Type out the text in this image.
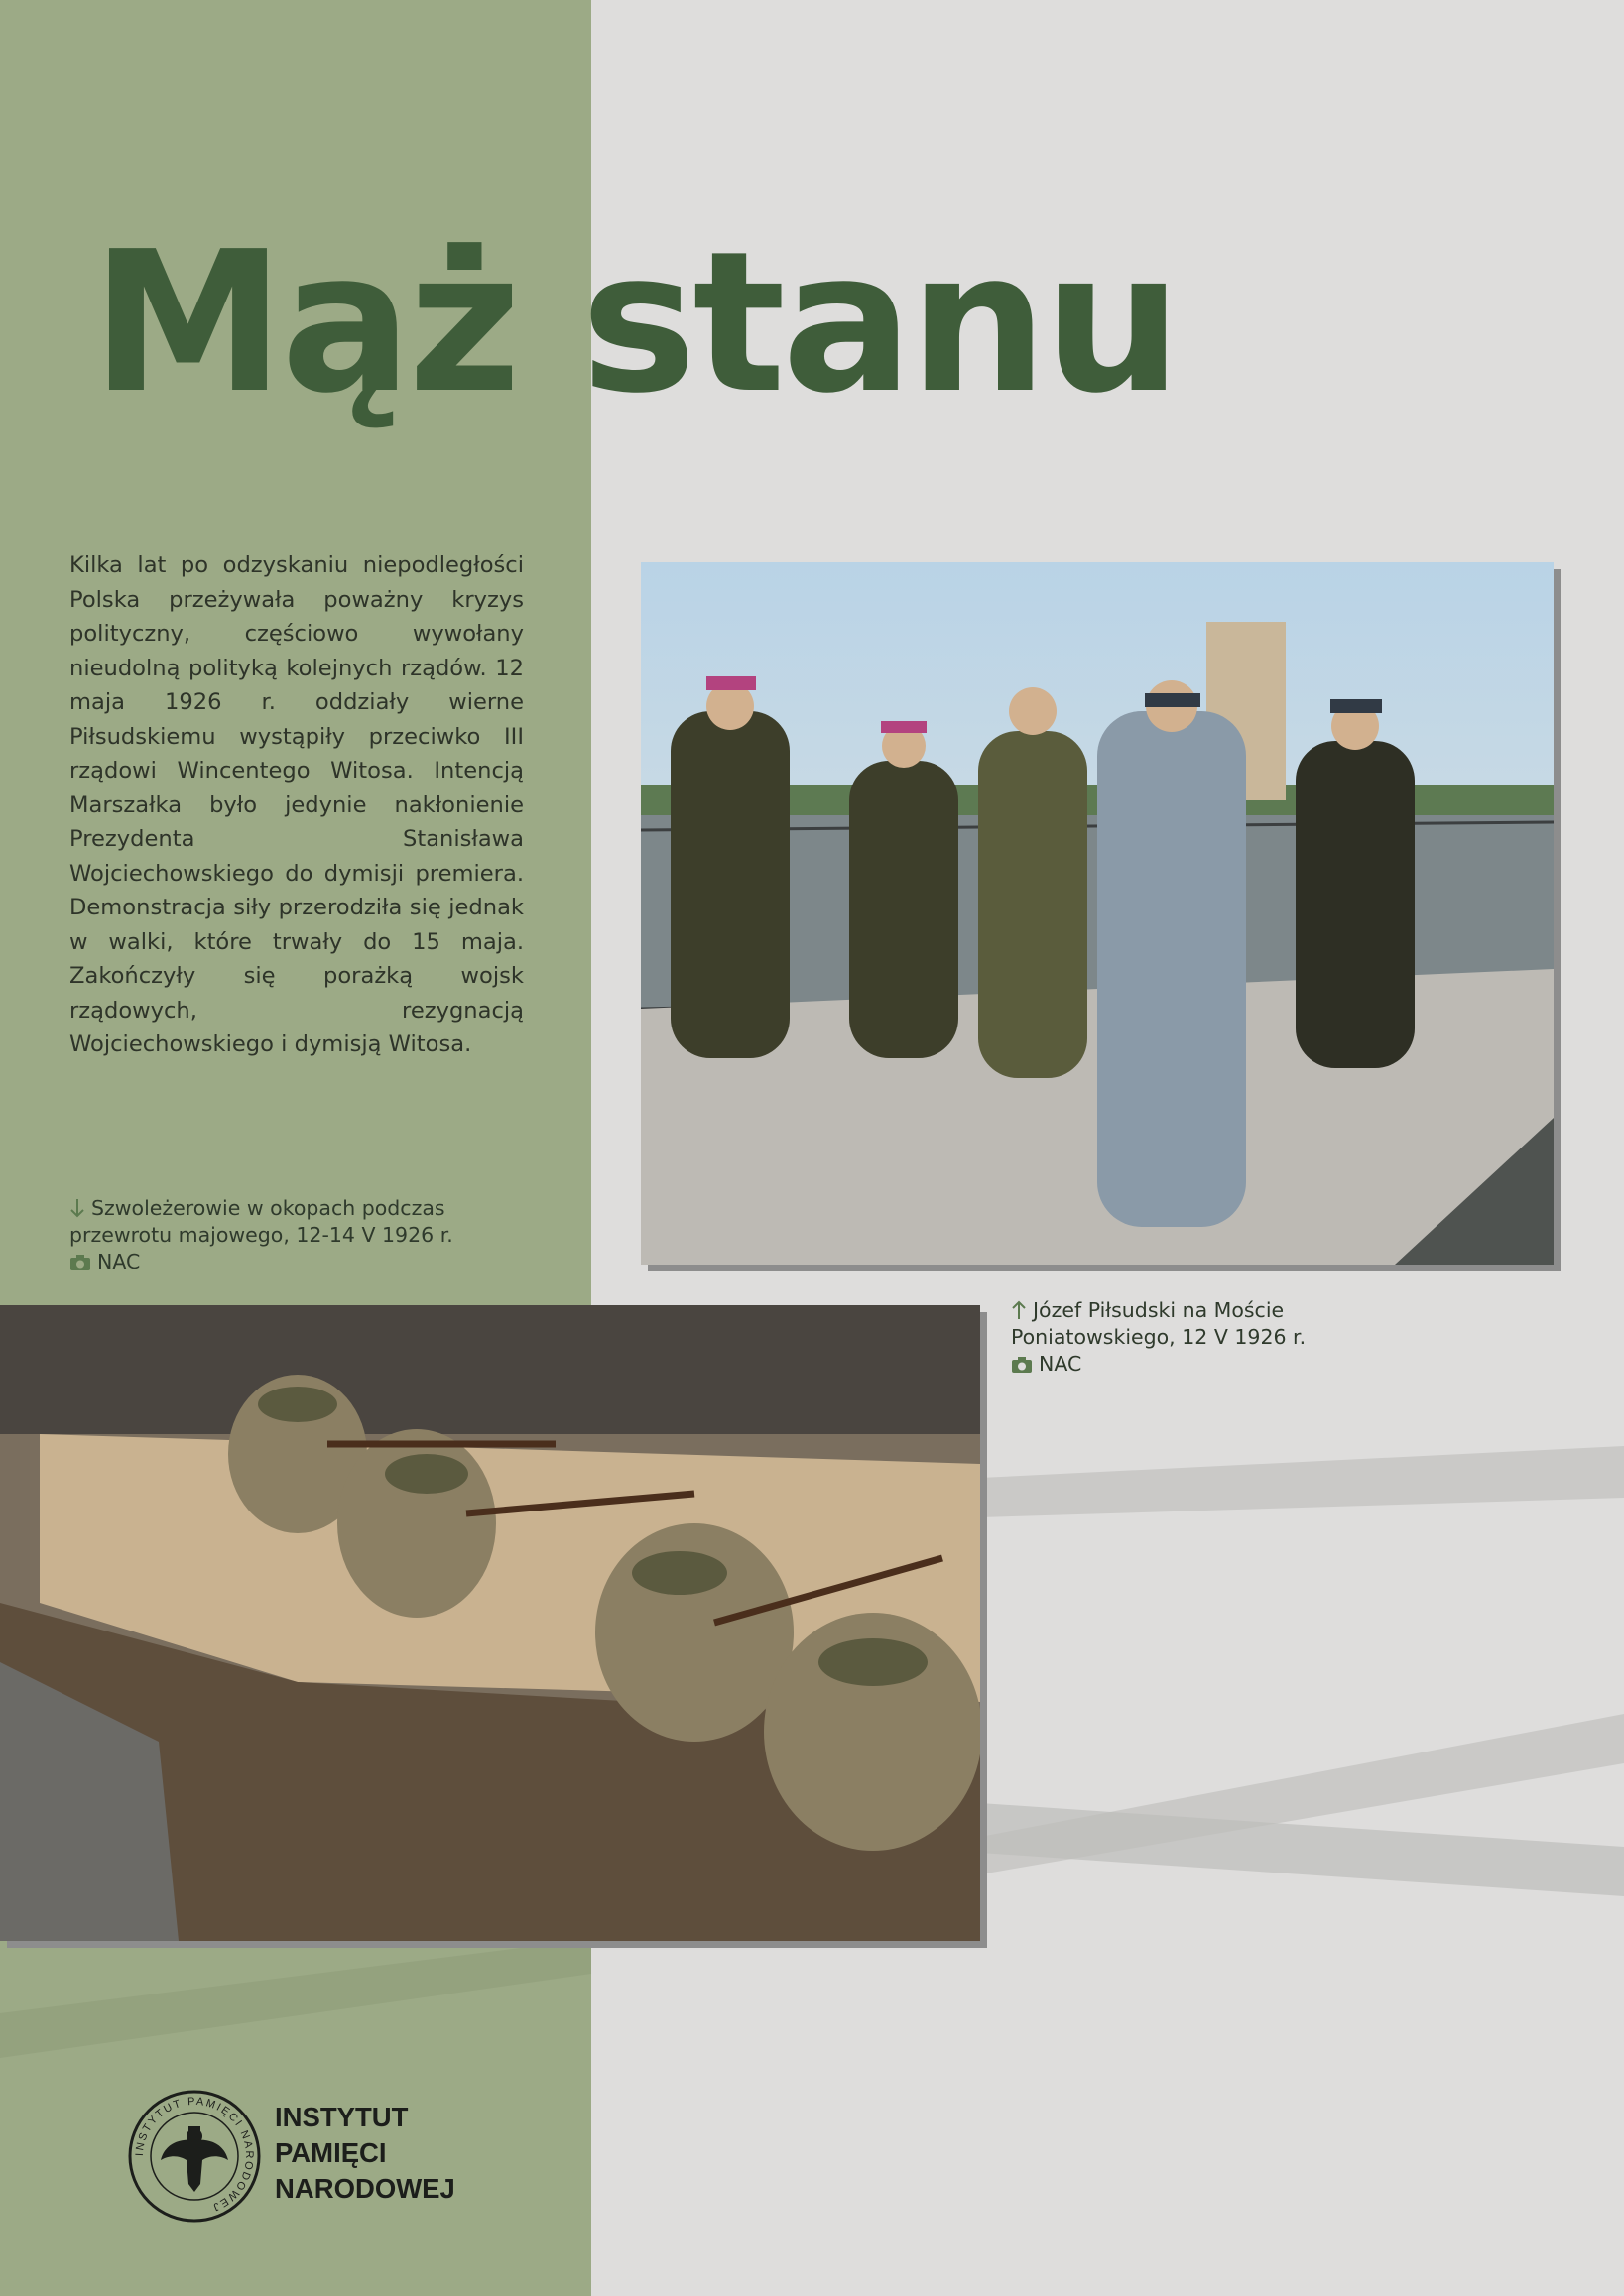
Mąż stanu

Kilka lat po odzyskaniu niepodległości Polska przeżywała poważny kryzys polityczny, częściowo wywołany nieudolną polityką kolejnych rządów. 12 maja 1926 r. oddziały wierne Piłsudskiemu wystąpiły przeciwko III rządowi Wincentego Witosa. Intencją Marszałka było jedynie nakłonienie Prezydenta Stanisława Wojciechowskiego do dymisji premiera. Demonstracja siły przerodziła się jednak w walki, które trwały do 15 maja. Zakończyły się porażką wojsk rządowych, rezygnacją Wojciechowskiego i dymisją Witosa.

Szwoleżerowie w okopach podczas
przewrotu majowego, 12-14 V 1926 r.
NAC
Józef Piłsudski na Moście
Poniatowskiego, 12 V 1926 r.
NAC
INSTYTUT PAMIĘCI NARODOWEJ
INSTYTUT
PAMIĘCI
NARODOWEJ
